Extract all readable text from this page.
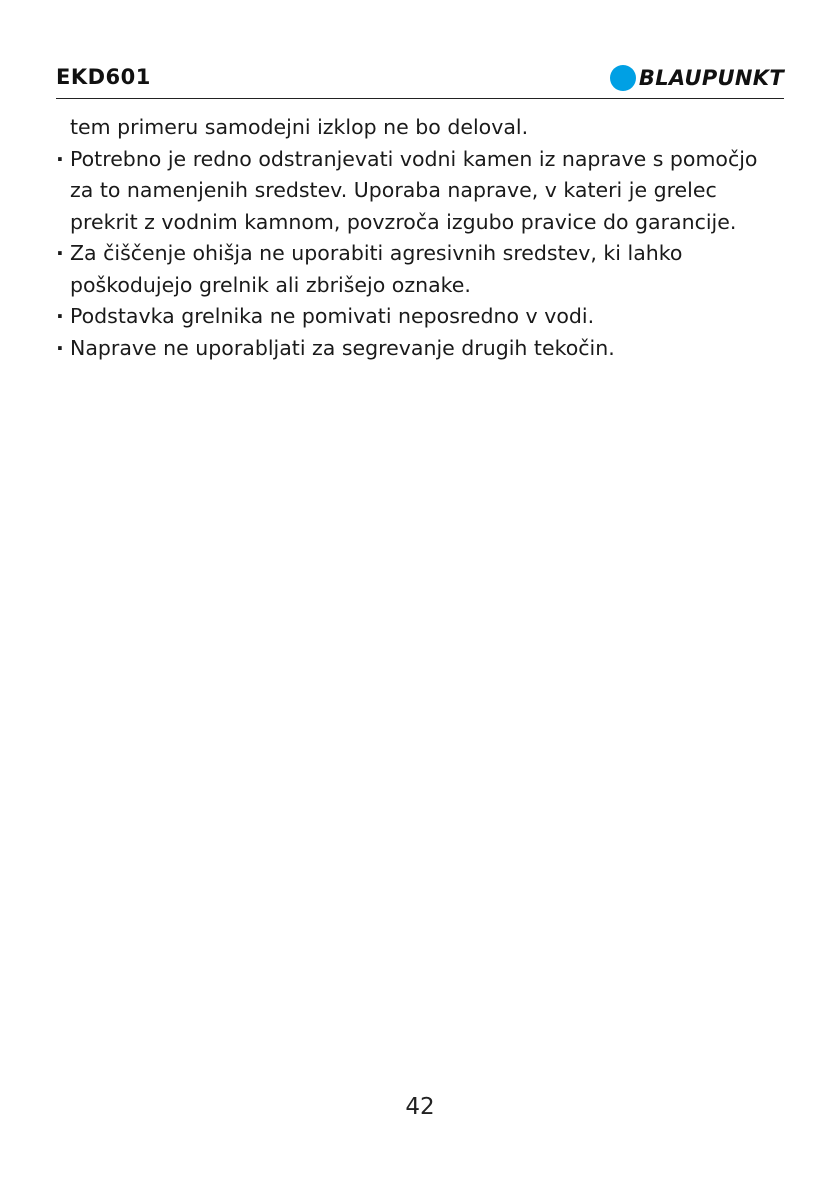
EKD601	BLAUPUNKT
tem primeru samodejni izklop ne bo deloval.
· Potrebno je redno odstranjevati vodni kamen iz naprave s pomočjo za to namenjenih sredstev. Uporaba naprave, v kateri je grelec prekrit z vodnim kamnom, povzroča izgubo pravice do garancije.
· Za čiščenje ohišja ne uporabiti agresivnih sredstev, ki lahko poškodujejo grelnik ali zbrišejo oznake.
· Podstavka grelnika ne pomivati neposredno v vodi.
· Naprave ne uporabljati za segrevanje drugih tekočin.
42
